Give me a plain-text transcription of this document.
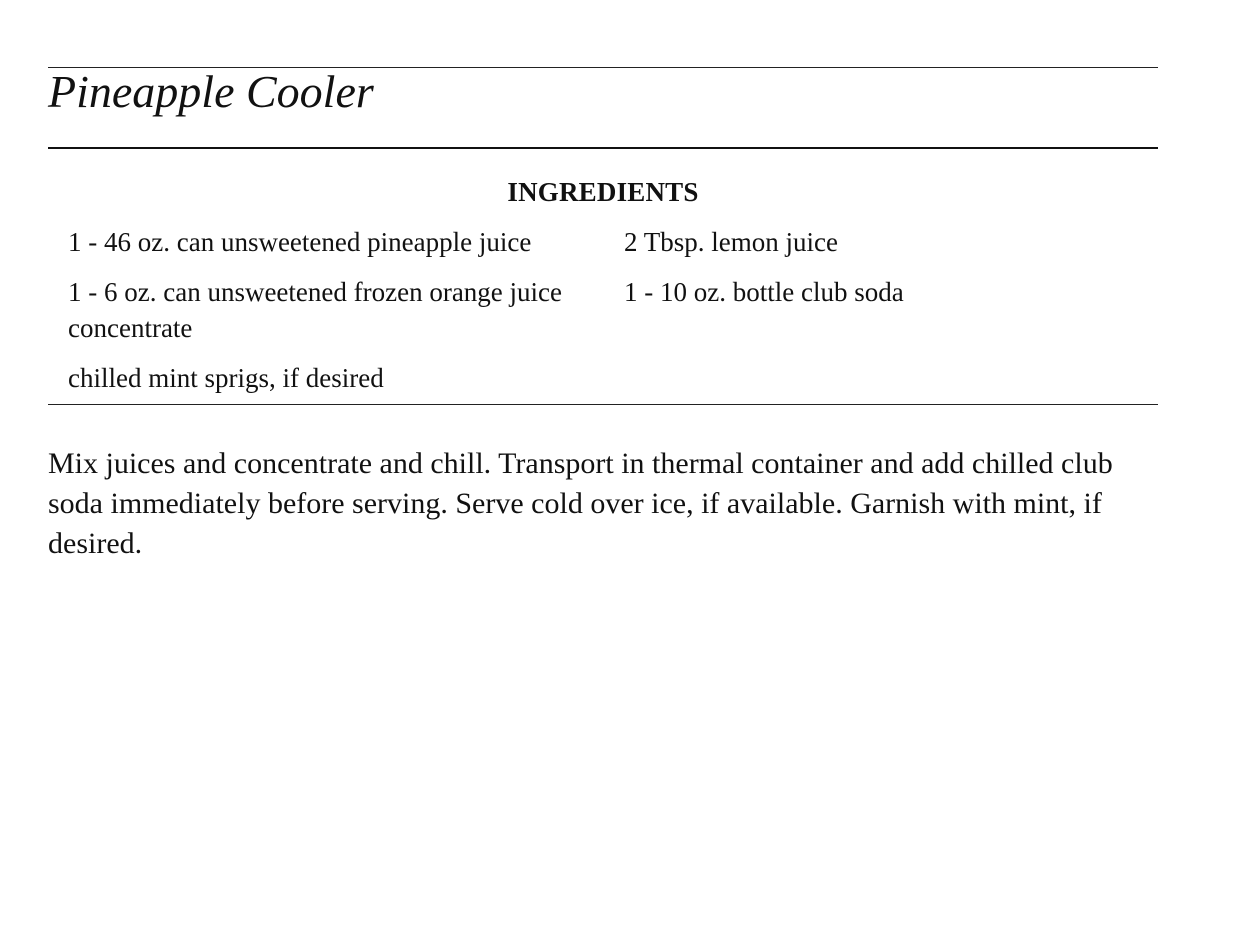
Pineapple Cooler
INGREDIENTS

1 - 46 oz. can unsweetened pineapple juice	2 Tbsp. lemon juice

1 - 6 oz. can unsweetened frozen orange juice concentrate

1 - 10 oz. bottle club soda

chilled mint sprigs, if desired

Mix juices and concentrate and chill. Transport in thermal container and add chilled club soda immediately before serving. Serve cold over ice, if available. Garnish with mint, if desired.
